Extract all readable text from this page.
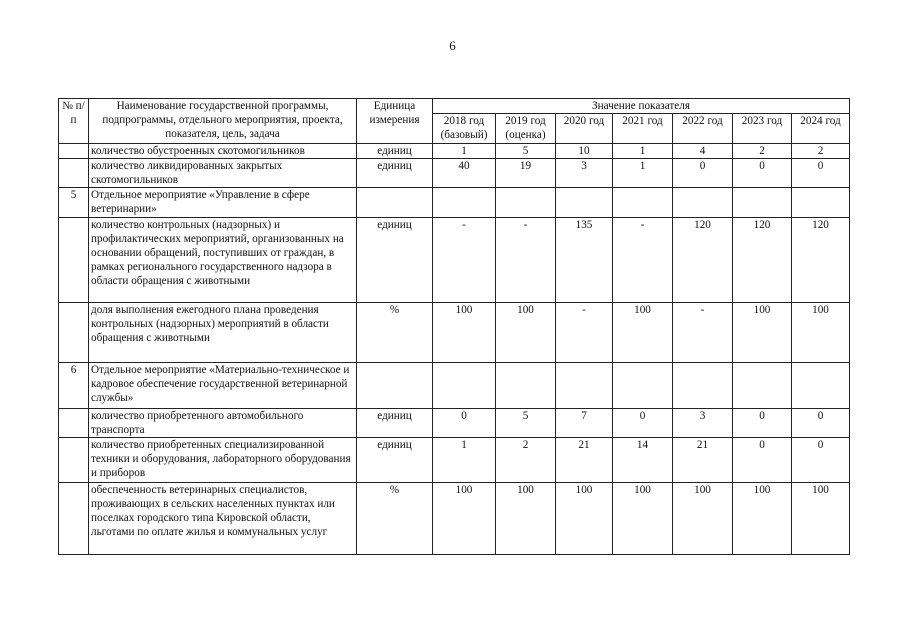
6
№ п/п	Наименование государственной программы, подпрограммы, отдельного мероприятия, проекта, показателя, цель, задача	Единица измерения	Значение показателя						
			2018 год (базовый)	2019 год (оценка)	2020 год	2021 год	2022 год	2023 год	2024 год
	количество обустроенных скотомогильников	единиц	1	5	10	1	4	2	2
	количество ликвидированных закрытых скотомогильников	единиц	40	19	3	1	0	0	0
5	Отдельное мероприятие «Управление в сфере ветеринарии»								
	количество контрольных (надзорных) и профилактических мероприятий, организованных на основании обращений, поступивших от граждан, в рамках регионального государственного надзора в области обращения с животными	единиц	-	-	135	-	120	120	120
	доля выполнения ежегодного плана проведения контрольных (надзорных) мероприятий в области обращения с животными	%	100	100	-	100	-	100	100
6	Отдельное мероприятие «Материально-техническое и кадровое обеспечение государственной ветеринарной службы»								
	количество приобретенного автомобильного транспорта	единиц	0	5	7	0	3	0	0
	количество приобретенных специализированной техники и оборудования, лабораторного оборудования и приборов	единиц	1	2	21	14	21	0	0
	обеспеченность ветеринарных специалистов, проживающих в сельских населенных пунктах или поселках городского типа Кировской области, льготами по оплате жилья и коммунальных услуг	%	100	100	100	100	100	100	100
